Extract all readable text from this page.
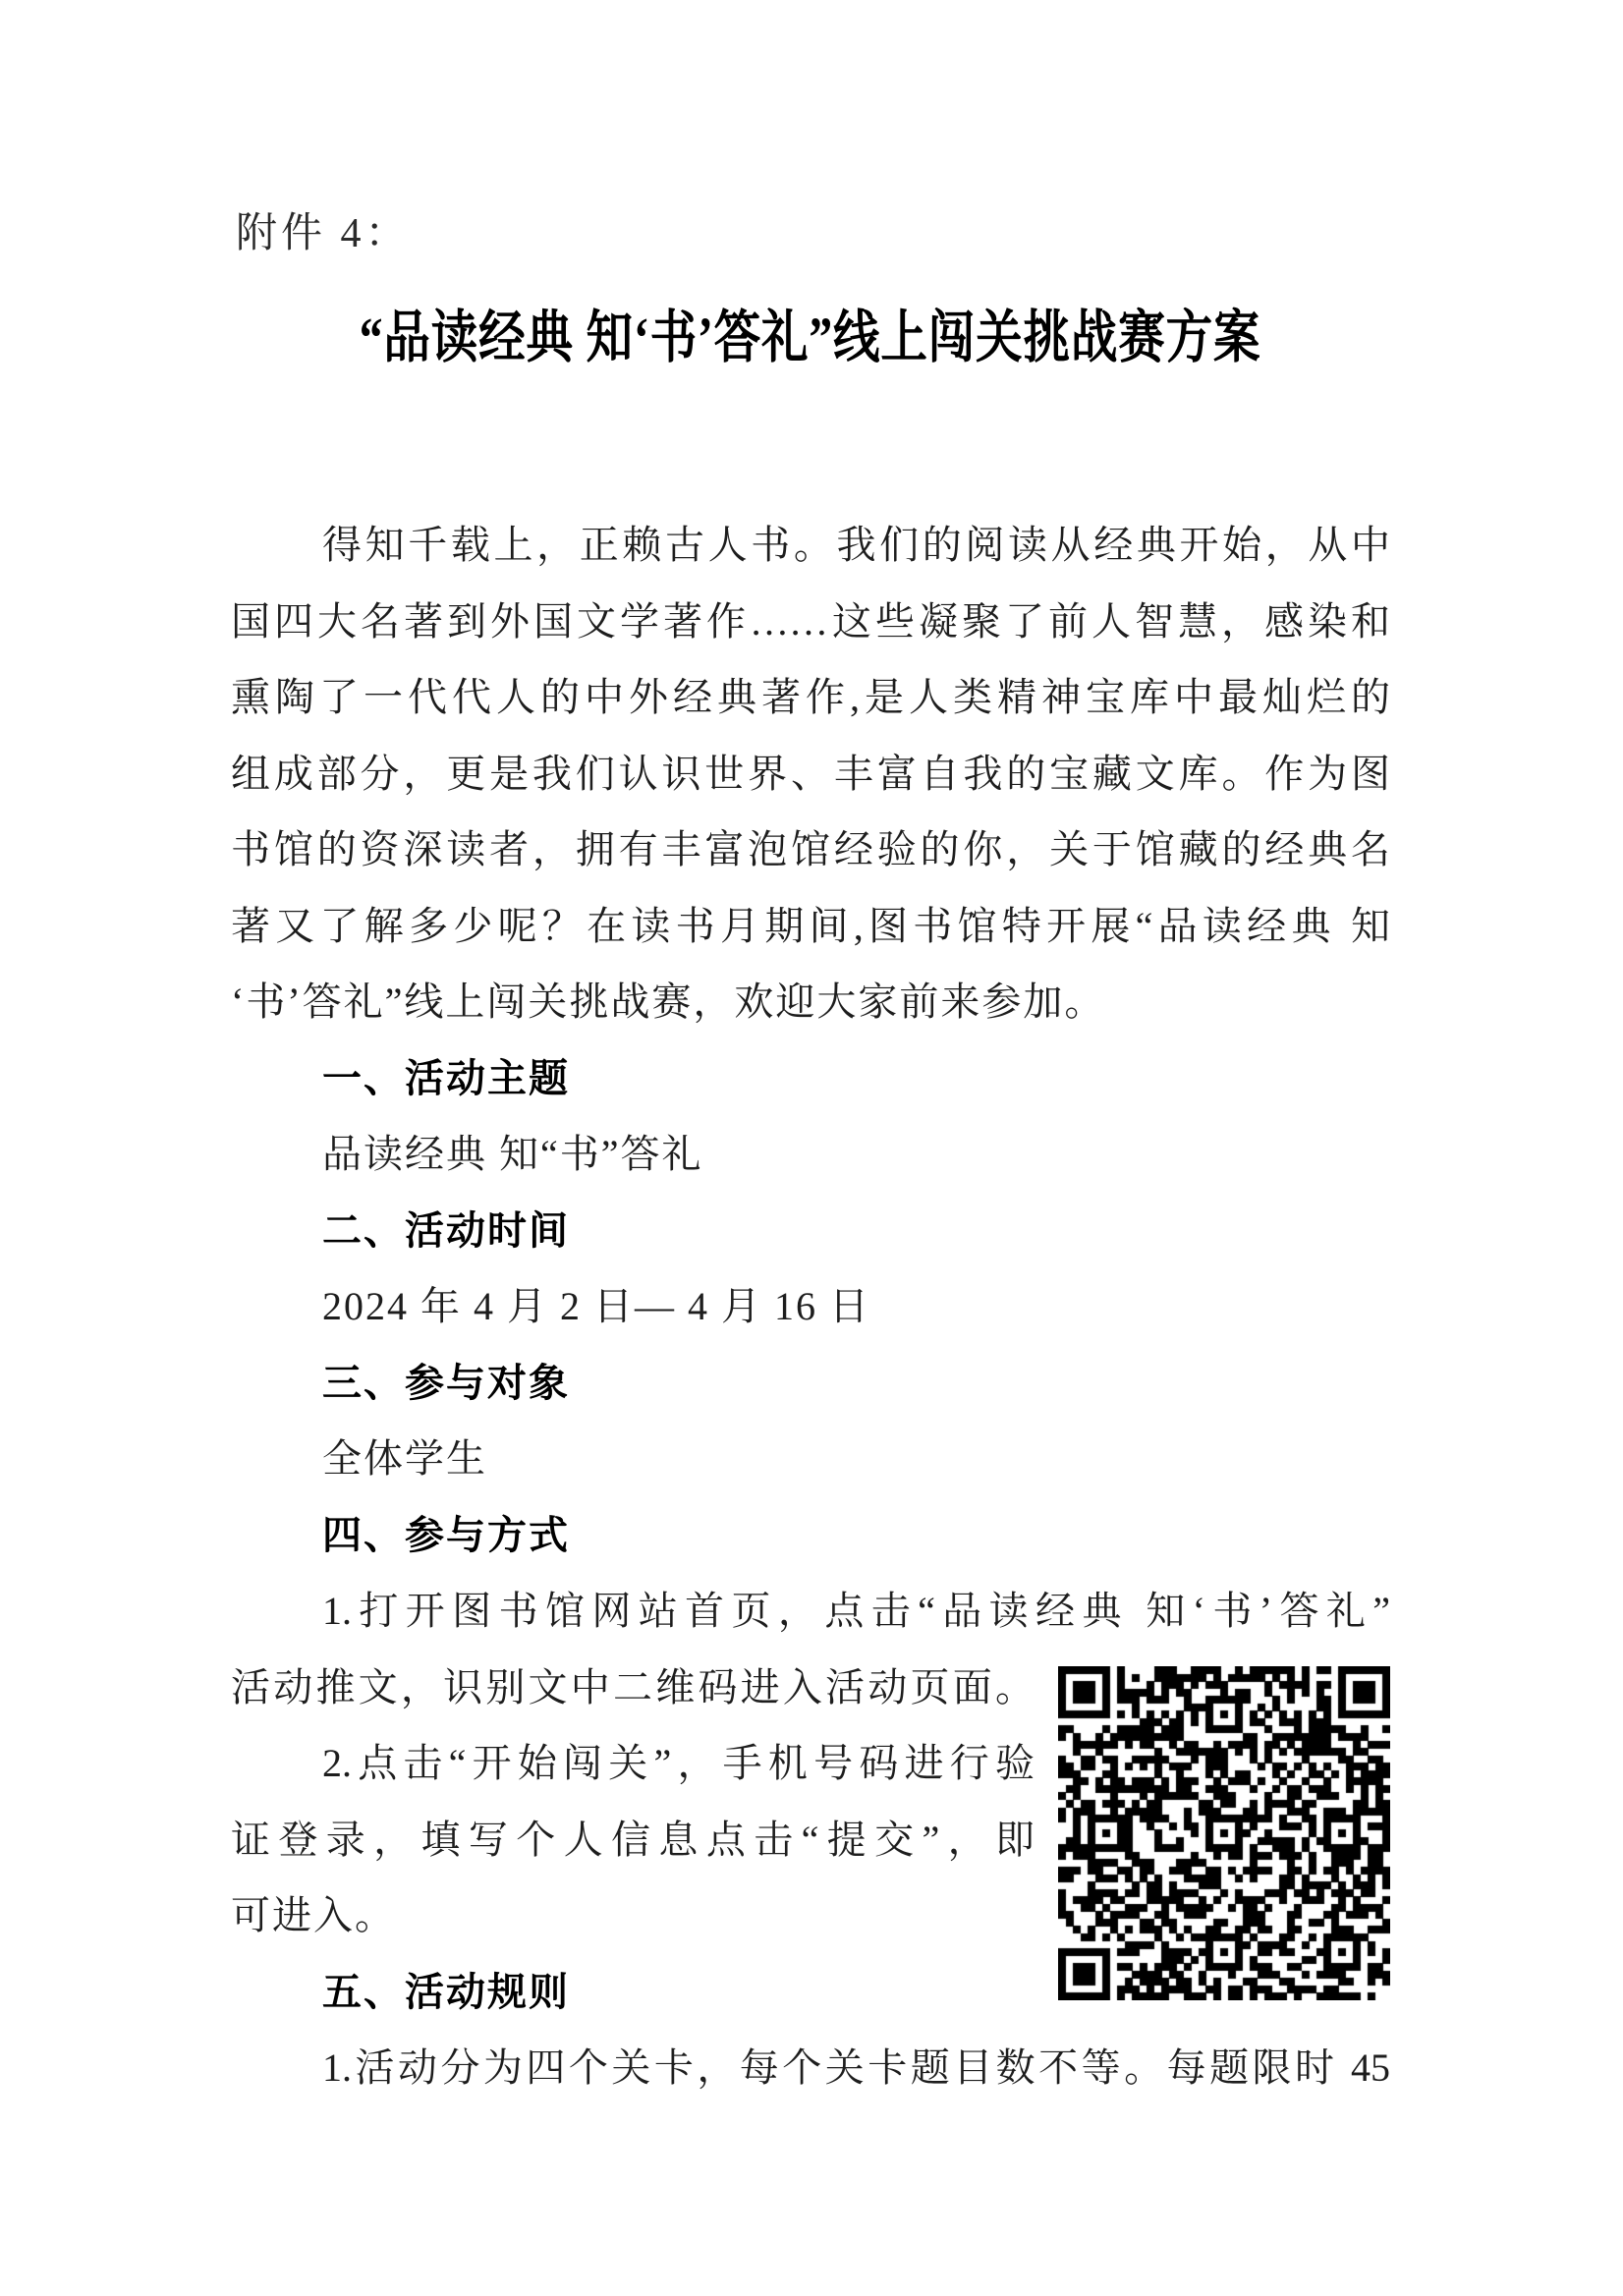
附件 4：
“品读经典 知‘书’答礼”线上闯关挑战赛方案
得知千载上，正赖古人书。我们的阅读从经典开始，从中
国四大名著到外国文学著作……这些凝聚了前人智慧，感染和
熏陶了一代代人的中外经典著作,是人类精神宝库中最灿烂的
组成部分，更是我们认识世界、丰富自我的宝藏文库。作为图
书馆的资深读者，拥有丰富泡馆经验的你，关于馆藏的经典名
著又了解多少呢？在读书月期间,图书馆特开展“品读经典 知
‘书’答礼”线上闯关挑战赛，欢迎大家前来参加。
一、活动主题
品读经典 知“书”答礼
二、活动时间
2024 年 4 月 2 日— 4 月 16 日
三、参与对象
全体学生
四、参与方式
1.打开图书馆网站首页，点击“品读经典 知‘书’答礼”
活动推文，识别文中二维码进入活动页面。
2.点击“开始闯关”，手机号码进行验
证登录，填写个人信息点击“提交”，即
可进入。
五、活动规则
1.活动分为四个关卡，每个关卡题目数不等。每题限时 45
